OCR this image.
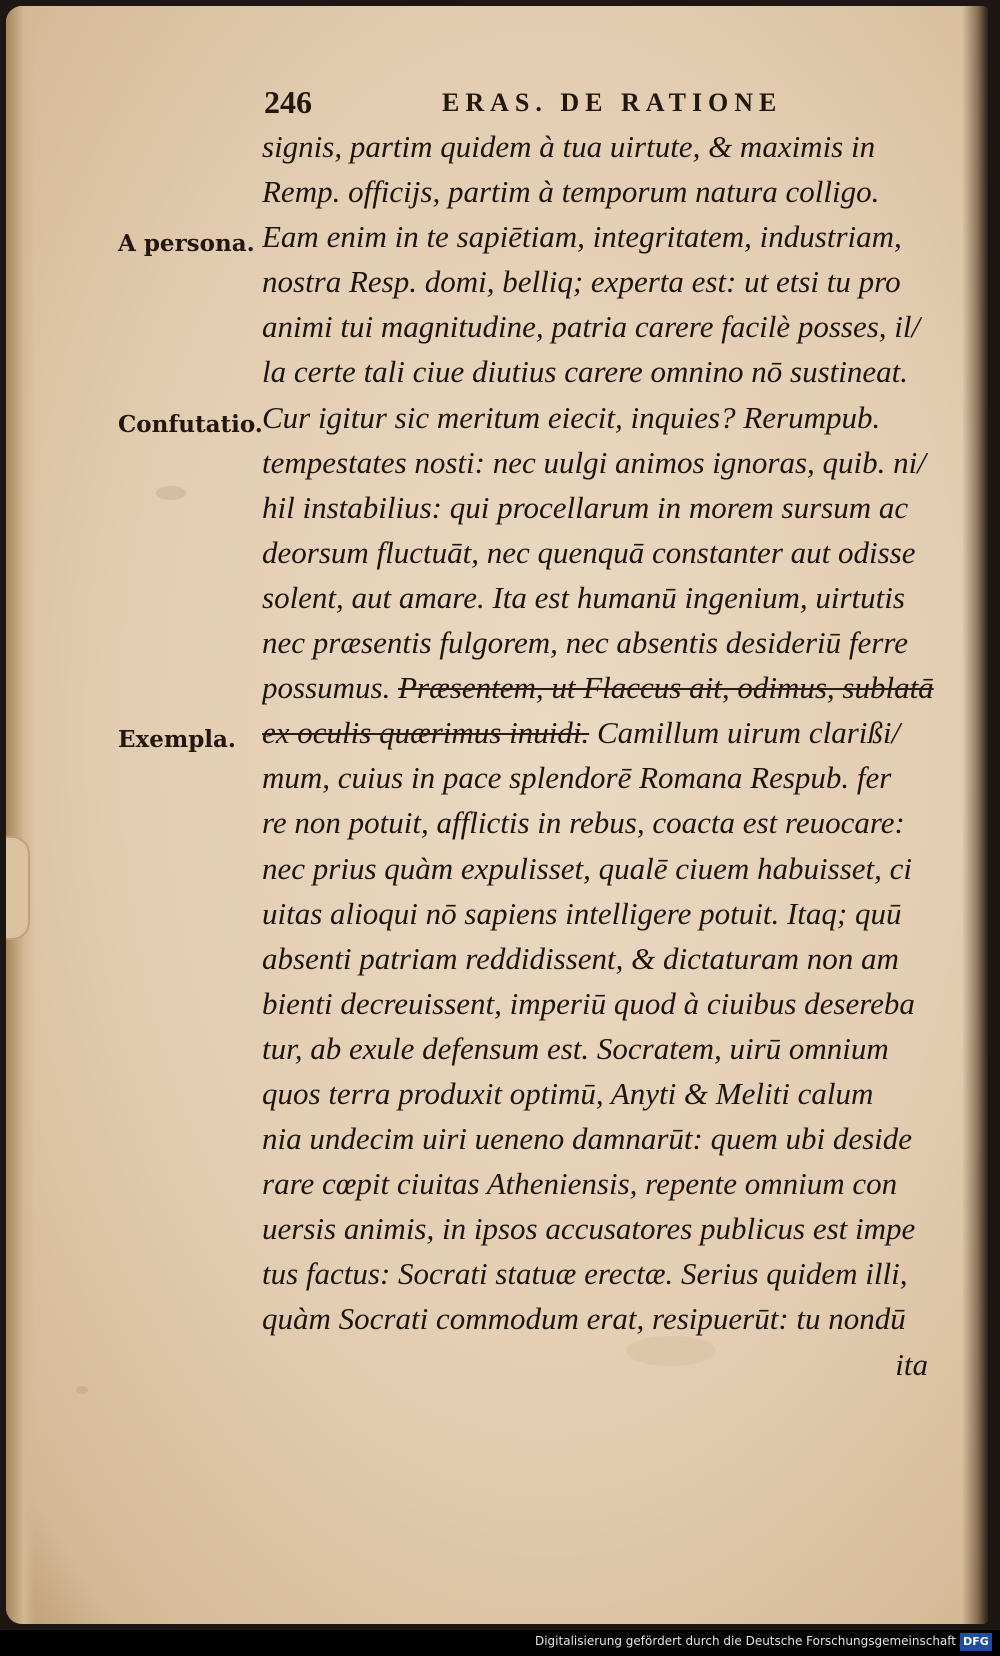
246	ERAS. DE RATIONE
A persona.
Confutatio.
Exempla.
signis, partim quidem à tua uirtute, & maximis in
Remp. officijs, partim à temporum natura colligo.
Eam enim in te sapiētiam, integritatem, industriam,
nostra Resp. domi, belliq; experta est: ut etsi tu pro
animi tui magnitudine, patria carere facilè posses, il/
la certe tali ciue diutius carere omnino nō sustineat.
Cur igitur sic meritum eiecit, inquies? Rerumpub.
tempestates nosti: nec uulgi animos ignoras, quib. ni/
hil instabilius: qui procellarum in morem sursum ac
deorsum fluctuāt, nec quenquā constanter aut odisse
solent, aut amare. Ita est humanū ingenium, uirtutis
nec præsentis fulgorem, nec absentis desideriū ferre
possumus. Præsentem, ut Flaccus ait, odimus, sublatā
ex oculis quærimus inuidi. Camillum uirum clarißi/
mum, cuius in pace splendorē Romana Respub. fer
re non potuit, afflictis in rebus, coacta est reuocare:
nec prius quàm expulisset, qualē ciuem habuisset, ci
uitas alioqui nō sapiens intelligere potuit. Itaq; quū
absenti patriam reddidissent, & dictaturam non am
bienti decreuissent, imperiū quod à ciuibus desereba
tur, ab exule defensum est. Socratem, uirū omnium
quos terra produxit optimū, Anyti & Meliti calum
nia undecim uiri ueneno damnarūt: quem ubi deside
rare cœpit ciuitas Atheniensis, repente omnium con
uersis animis, in ipsos accusatores publicus est impe
tus factus: Socrati statuæ erectæ. Serius quidem illi,
quàm Socrati commodum erat, resipuerūt: tu nondū
ita
Digitalisierung gefördert durch die Deutsche Forschungsgemeinschaft DFG
